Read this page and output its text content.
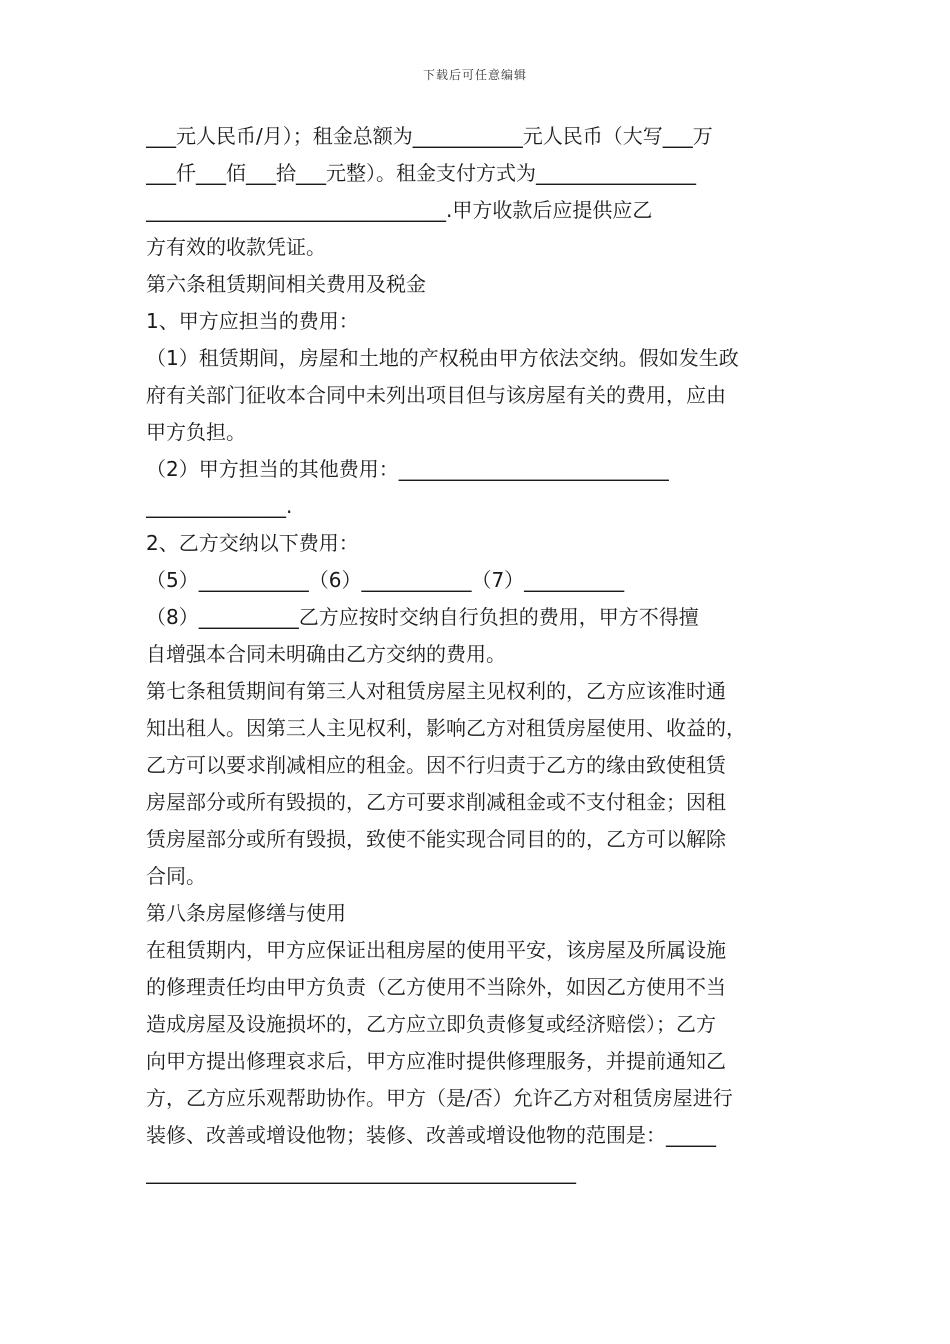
下载后可任意编辑
___元人民币/月）；租金总额为___________元人民币（大写___万
___仟___佰___拾___元整）。租金支付方式为________________
______________________________.甲方收款后应提供应乙
方有效的收款凭证。
第六条租赁期间相关费用及税金
1、甲方应担当的费用：
（1）租赁期间，房屋和土地的产权税由甲方依法交纳。假如发生政
府有关部门征收本合同中未列出项目但与该房屋有关的费用，应由
甲方负担。
（2）甲方担当的其他费用：___________________________
______________.
2、乙方交纳以下费用：
（5）___________（6）___________（7）__________
（8）__________乙方应按时交纳自行负担的费用，甲方不得擅
自增强本合同未明确由乙方交纳的费用。
第七条租赁期间有第三人对租赁房屋主见权利的，乙方应该准时通
知出租人。因第三人主见权利，影响乙方对租赁房屋使用、收益的，
乙方可以要求削减相应的租金。因不行归责于乙方的缘由致使租赁
房屋部分或所有毁损的，乙方可要求削减租金或不支付租金；因租
赁房屋部分或所有毁损，致使不能实现合同目的的，乙方可以解除
合同。
第八条房屋修缮与使用
在租赁期内，甲方应保证出租房屋的使用平安，该房屋及所属设施
的修理责任均由甲方负责（乙方使用不当除外，如因乙方使用不当
造成房屋及设施损坏的，乙方应立即负责修复或经济赔偿）；乙方
向甲方提出修理哀求后，甲方应准时提供修理服务，并提前通知乙
方，乙方应乐观帮助协作。甲方（是/否）允许乙方对租赁房屋进行
装修、改善或增设他物；装修、改善或增设他物的范围是：_____
___________________________________________
